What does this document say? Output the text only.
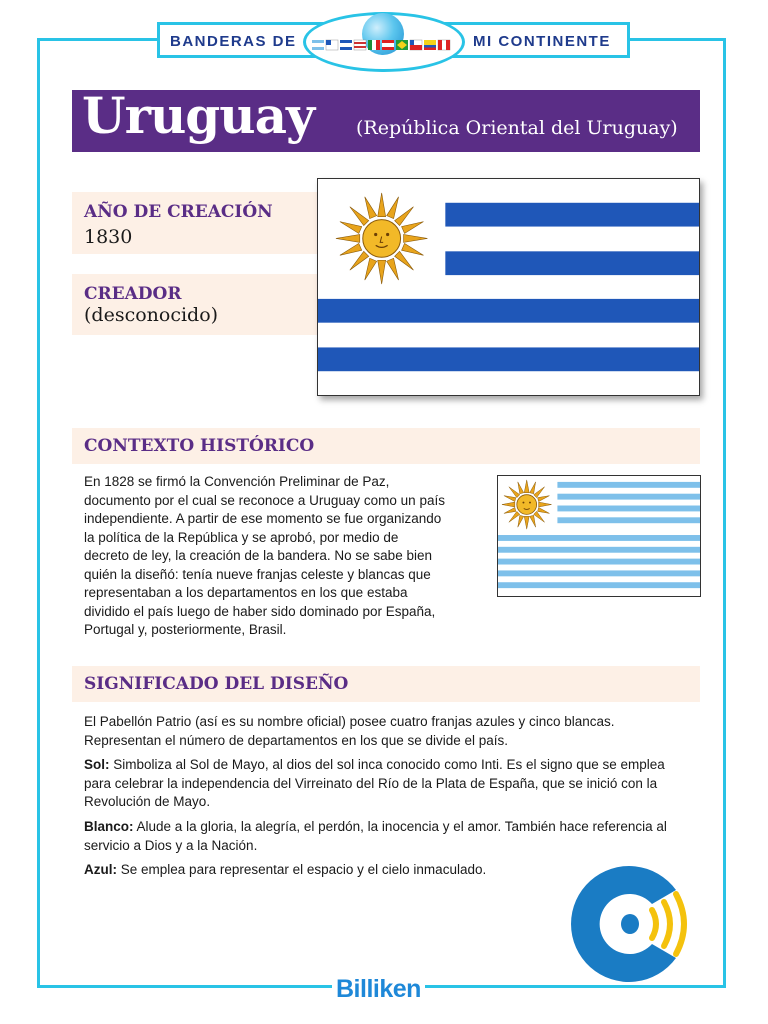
BANDERAS DE	MI CONTINENTE
Uruguay (República Oriental del Uruguay)
AÑO DE CREACIÓN
1830
CREADOR
(desconocido)
CONTEXTO HISTÓRICO
En 1828 se firmó la Convención Preliminar de Paz,
documento por el cual se reconoce a Uruguay como un país
independiente. A partir de ese momento se fue organizando
la política de la República y se aprobó, por medio de
decreto de ley, la creación de la bandera. No se sabe bien
quién la diseñó: tenía nueve franjas celeste y blancas que
representaban a los departamentos en los que estaba
dividido el país luego de haber sido dominado por España,
Portugal y, posteriormente, Brasil.
SIGNIFICADO DEL DISEÑO
El Pabellón Patrio (así es su nombre oficial) posee cuatro franjas azules y cinco blancas.
Representan el número de departamentos en los que se divide el país.
Sol: Simboliza al Sol de Mayo, al dios del sol inca conocido como Inti. Es el signo que se emplea
para celebrar la independencia del Virreinato del Río de la Plata de España, que se inició con la
Revolución de Mayo.
Blanco: Alude a la gloria, la alegría, el perdón, la inocencia y el amor. También hace referencia al
servicio a Dios y a la Nación.
Azul: Se emplea para representar el espacio y el cielo inmaculado.
Billiken
